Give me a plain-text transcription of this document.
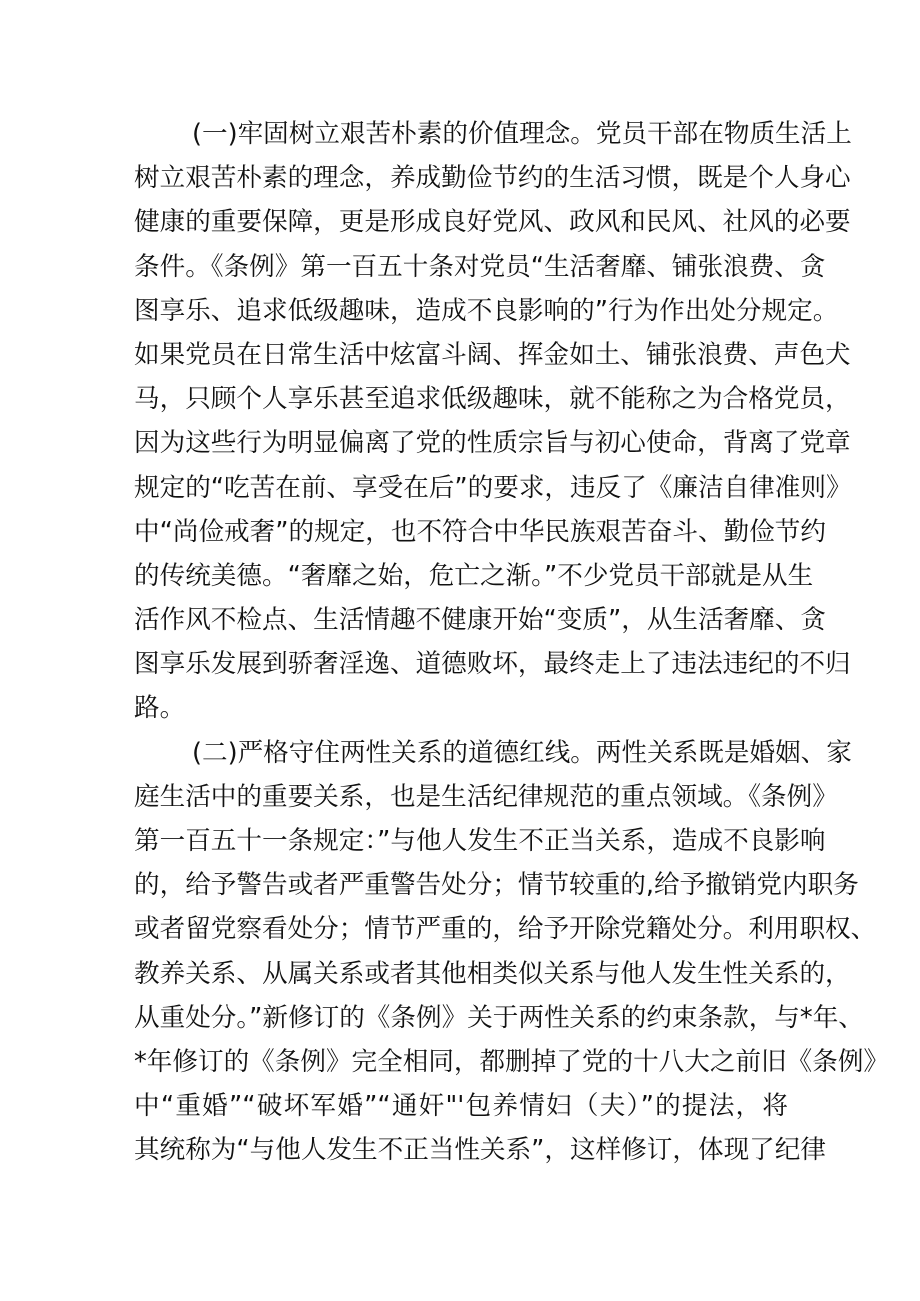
(一)牢固树立艰苦朴素的价值理念。党员干部在物质生活上
树立艰苦朴素的理念，养成勤俭节约的生活习惯，既是个人身心
健康的重要保障，更是形成良好党风、政风和民风、社风的必要
条件。《条例》第一百五十条对党员“生活奢靡、铺张浪费、贪
图享乐、追求低级趣味，造成不良影响的”行为作出处分规定。
如果党员在日常生活中炫富斗阔、挥金如土、铺张浪费、声色犬
马，只顾个人享乐甚至追求低级趣味，就不能称之为合格党员，
因为这些行为明显偏离了党的性质宗旨与初心使命，背离了党章
规定的“吃苦在前、享受在后”的要求，违反了《廉洁自律准则》
中“尚俭戒奢”的规定，也不符合中华民族艰苦奋斗、勤俭节约
的传统美德。“奢靡之始，危亡之渐。”不少党员干部就是从生
活作风不检点、生活情趣不健康开始“变质”，从生活奢靡、贪
图享乐发展到骄奢淫逸、道德败坏，最终走上了违法违纪的不归
路。
(二)严格守住两性关系的道德红线。两性关系既是婚姻、家
庭生活中的重要关系，也是生活纪律规范的重点领域。《条例》
第一百五十一条规定：”与他人发生不正当关系，造成不良影响
的，给予警告或者严重警告处分；情节较重的,给予撤销党内职务
或者留党察看处分；情节严重的，给予开除党籍处分。利用职权、
教养关系、从属关系或者其他相类似关系与他人发生性关系的，
从重处分。”新修订的《条例》关于两性关系的约束条款，与*年、
*年修订的《条例》完全相同，都删掉了党的十八大之前旧《条例》
中“重婚”“破坏军婚”“通奸"'包养情妇（夫）”的提法，将
其统称为“与他人发生不正当性关系”，这样修订，体现了纪律
